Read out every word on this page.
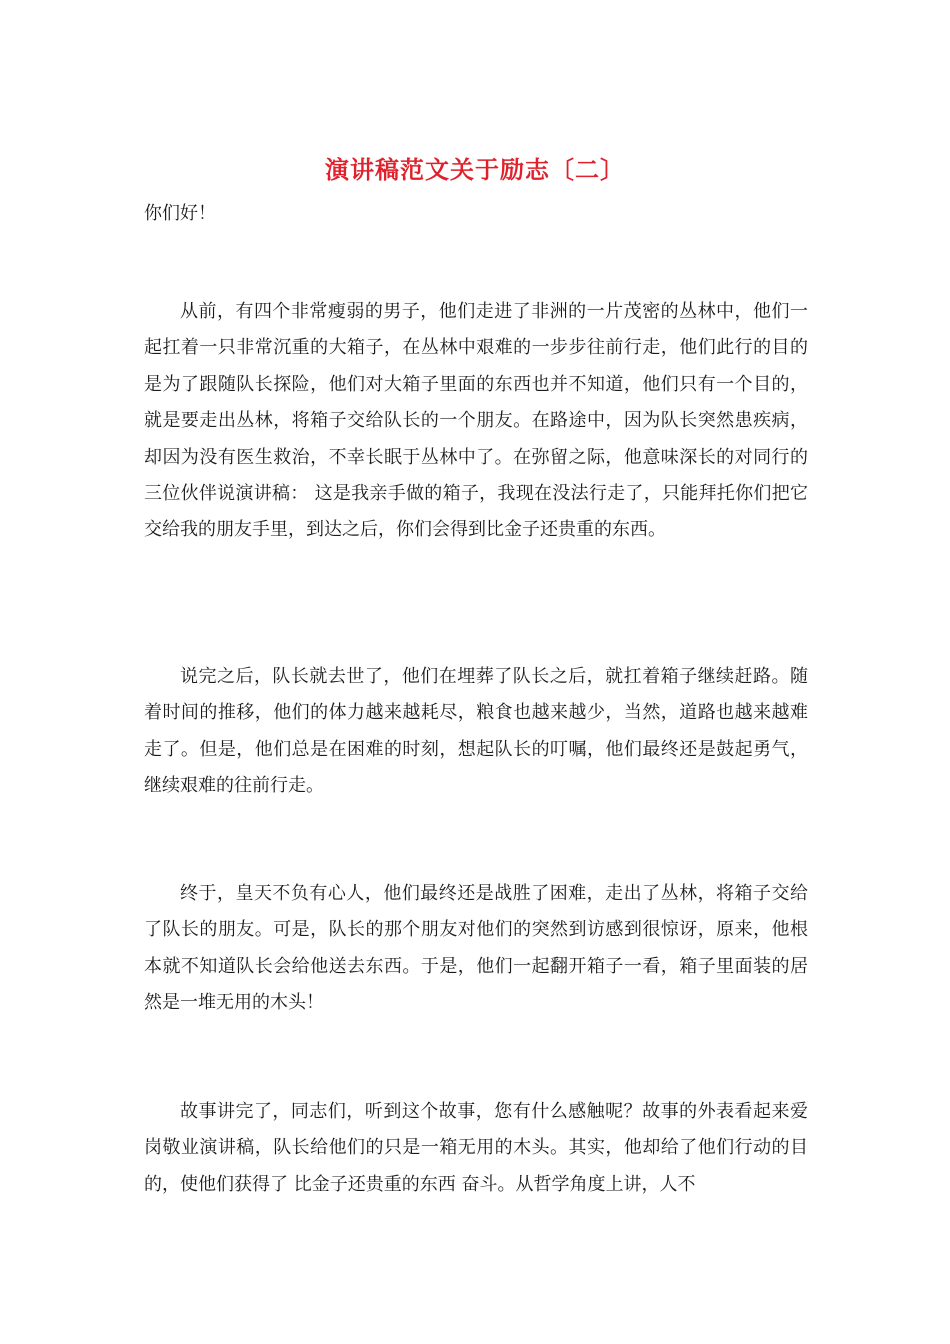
演讲稿范文关于励志〔二〕
你们好！
从前，有四个非常瘦弱的男子，他们走进了非洲的一片茂密的丛林中，他们一起扛着一只非常沉重的大箱子，在丛林中艰难的一步步往前行走，他们此行的目的是为了跟随队长探险，他们对大箱子里面的东西也并不知道，他们只有一个目的，就是要走出丛林，将箱子交给队长的一个朋友。在路途中，因为队长突然患疾病，却因为没有医生救治，不幸长眠于丛林中了。在弥留之际，他意味深长的对同行的三位伙伴说演讲稿： 这是我亲手做的箱子，我现在没法行走了，只能拜托你们把它交给我的朋友手里，到达之后，你们会得到比金子还贵重的东西。
说完之后，队长就去世了，他们在埋葬了队长之后，就扛着箱子继续赶路。随着时间的推移，他们的体力越来越耗尽，粮食也越来越少，当然，道路也越来越难走了。但是，他们总是在困难的时刻，想起队长的叮嘱，他们最终还是鼓起勇气，继续艰难的往前行走。
终于，皇天不负有心人，他们最终还是战胜了困难，走出了丛林，将箱子交给了队长的朋友。可是，队长的那个朋友对他们的突然到访感到很惊讶，原来，他根本就不知道队长会给他送去东西。于是，他们一起翻开箱子一看，箱子里面装的居然是一堆无用的木头！
故事讲完了，同志们，听到这个故事，您有什么感触呢？故事的外表看起来爱岗敬业演讲稿，队长给他们的只是一箱无用的木头。其实，他却给了他们行动的目的，使他们获得了 比金子还贵重的东西 奋斗。从哲学角度上讲，人不
